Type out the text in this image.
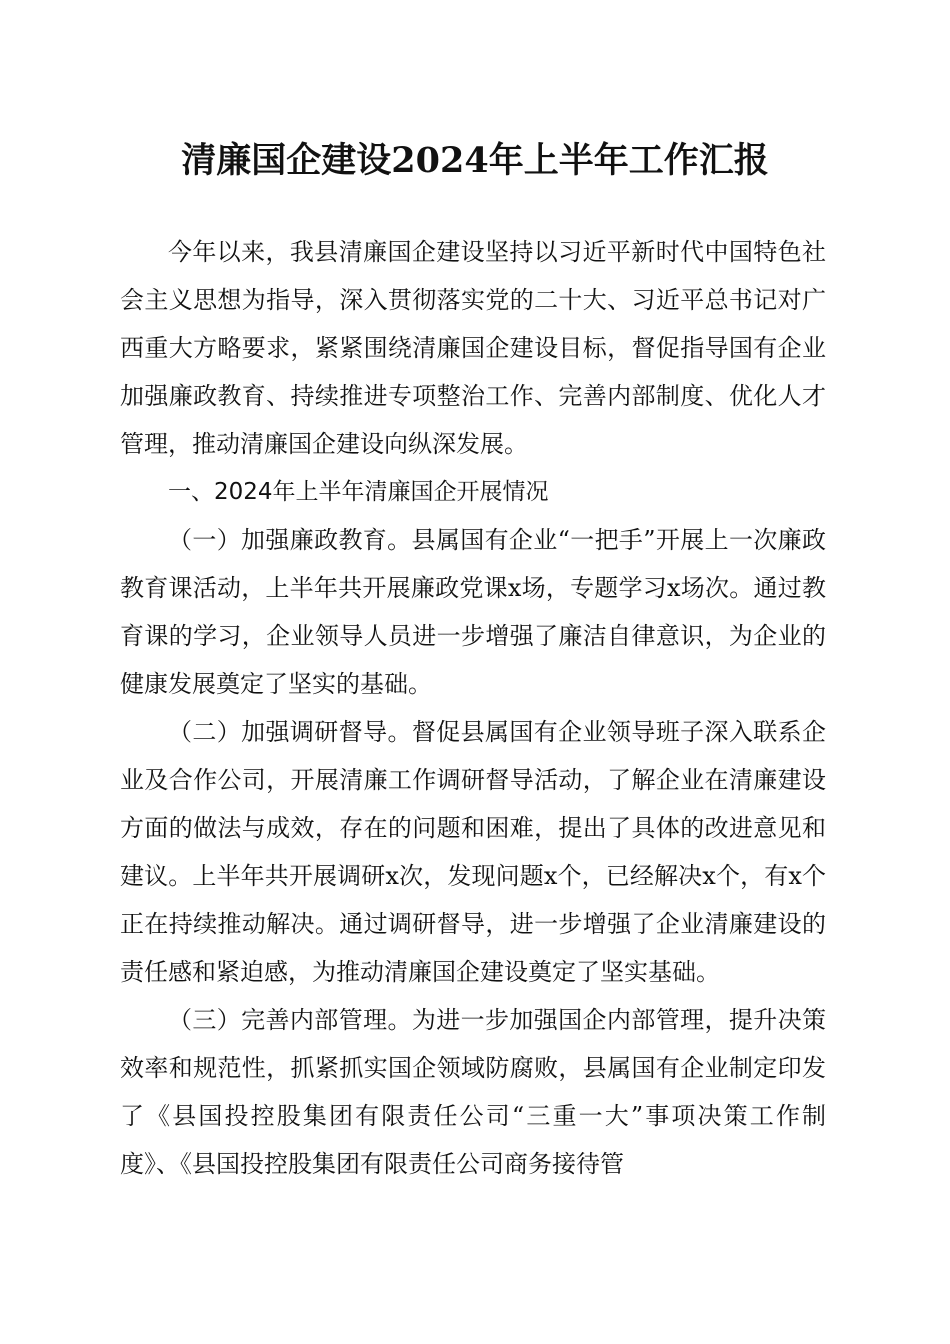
清廉国企建设2024年上半年工作汇报

今年以来，我县清廉国企建设坚持以习近平新时代中国特色社会主义思想为指导，深入贯彻落实党的二十大、习近平总书记对广西重大方略要求，紧紧围绕清廉国企建设目标，督促指导国有企业加强廉政教育、持续推进专项整治工作、完善内部制度、优化人才管理，推动清廉国企建设向纵深发展。

一、2024年上半年清廉国企开展情况

（一）加强廉政教育。县属国有企业“一把手”开展上一次廉政教育课活动，上半年共开展廉政党课x场，专题学习x场次。通过教育课的学习，企业领导人员进一步增强了廉洁自律意识，为企业的健康发展奠定了坚实的基础。

（二）加强调研督导。督促县属国有企业领导班子深入联系企业及合作公司，开展清廉工作调研督导活动，了解企业在清廉建设方面的做法与成效，存在的问题和困难，提出了具体的改进意见和建议。上半年共开展调研x次，发现问题x个，已经解决x个，有x个正在持续推动解决。通过调研督导，进一步增强了企业清廉建设的责任感和紧迫感，为推动清廉国企建设奠定了坚实基础。

（三）完善内部管理。为进一步加强国企内部管理，提升决策效率和规范性，抓紧抓实国企领域防腐败，县属国有企业制定印发了《县国投控股集团有限责任公司“三重一大”事项决策工作制度》、《县国投控股集团有限责任公司商务接待管
